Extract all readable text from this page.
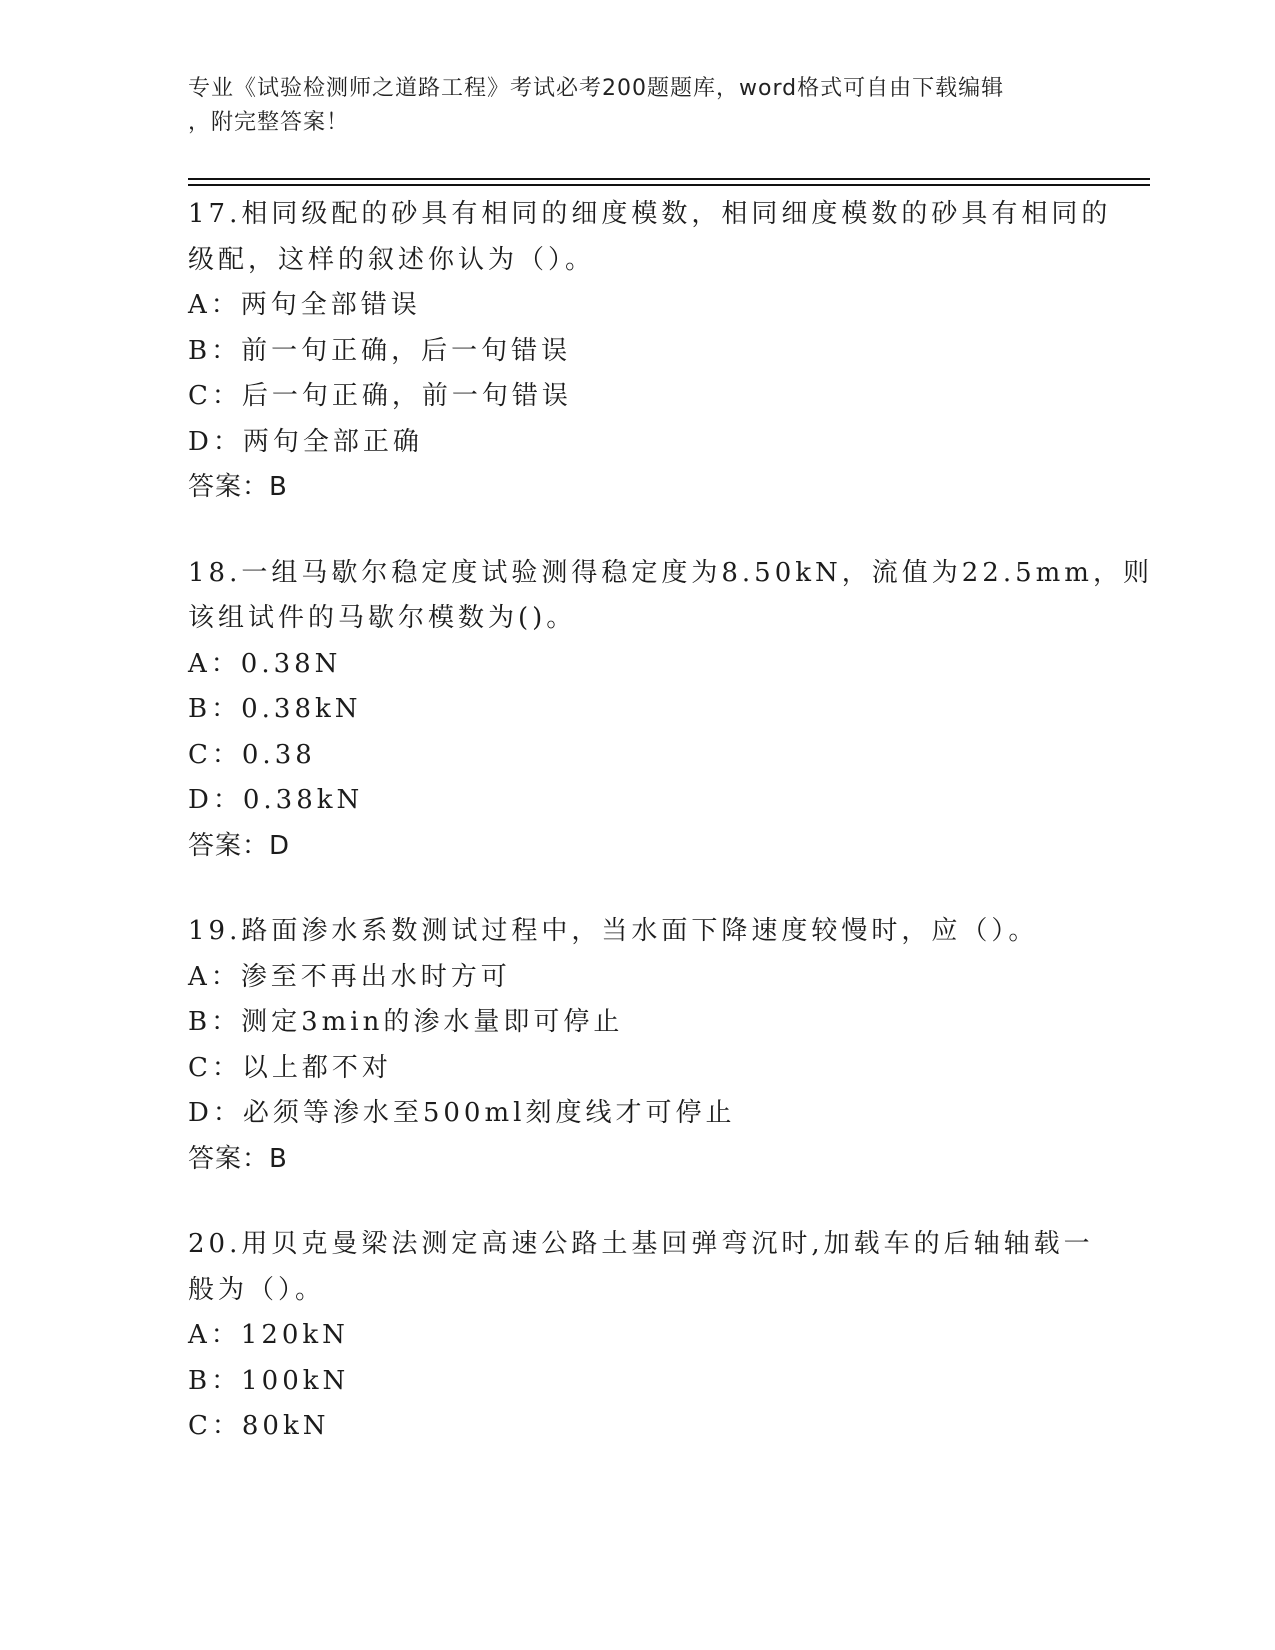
专业《试验检测师之道路工程》考试必考200题题库，word格式可自由下载编辑
，附完整答案！
17.相同级配的砂具有相同的细度模数，相同细度模数的砂具有相同的
级配，这样的叙述你认为（）。
A：两句全部错误
B：前一句正确，后一句错误
C：后一句正确，前一句错误
D：两句全部正确
答案：B
18.一组马歇尔稳定度试验测得稳定度为8.50kN，流值为22.5mm，则
该组试件的马歇尔模数为()。
A：0.38N
B：0.38kN
C：0.38
D：0.38kN
答案：D
19.路面渗水系数测试过程中，当水面下降速度较慢时，应（）。
A：渗至不再出水时方可
B：测定3min的渗水量即可停止
C：以上都不对
D：必须等渗水至500ml刻度线才可停止
答案：B
20.用贝克曼梁法测定高速公路土基回弹弯沉时,加载车的后轴轴载一
般为（）。
A：120kN
B：100kN
C：80kN
